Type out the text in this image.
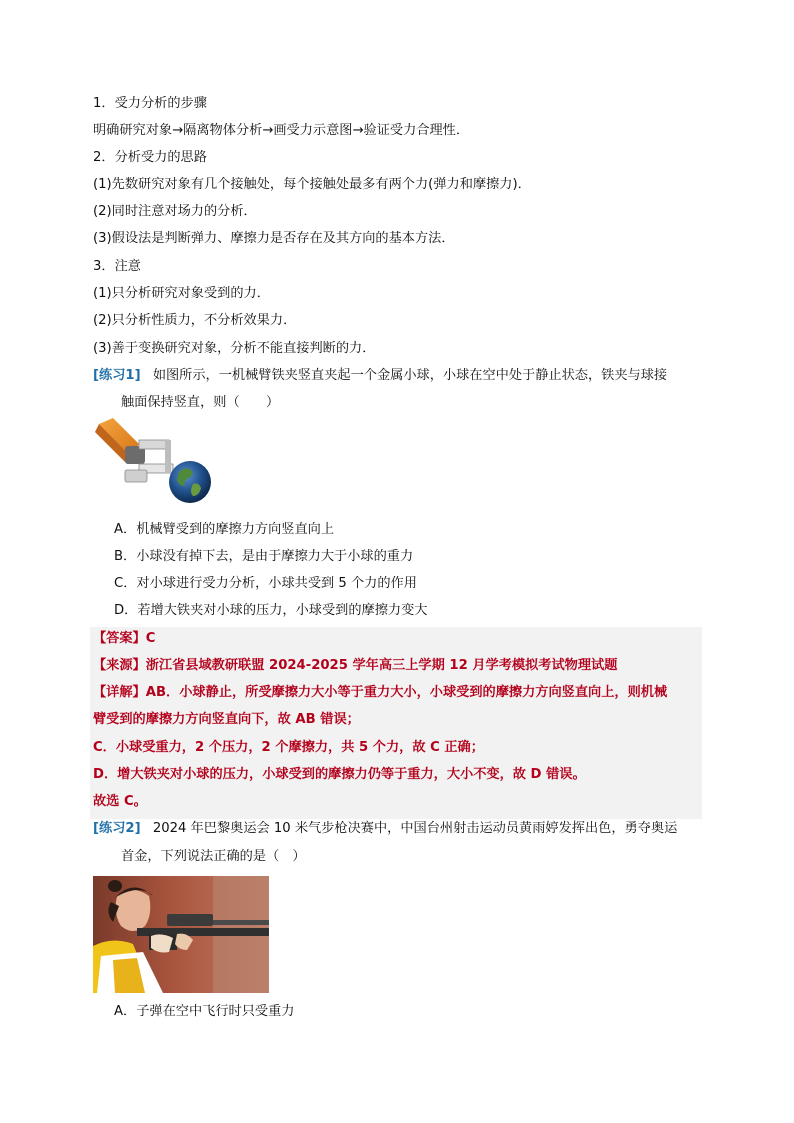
1．受力分析的步骤
明确研究对象→隔离物体分析→画受力示意图→验证受力合理性．
2．分析受力的思路
(1)先数研究对象有几个接触处，每个接触处最多有两个力(弹力和摩擦力)．
(2)同时注意对场力的分析．
(3)假设法是判断弹力、摩擦力是否存在及其方向的基本方法．
3．注意
(1)只分析研究对象受到的力．
(2)只分析性质力，不分析效果力．
(3)善于变换研究对象，分析不能直接判断的力．
[练习1] 如图所示，一机械臂铁夹竖直夹起一个金属小球，小球在空中处于静止状态，铁夹与球接
触面保持竖直，则（　　）
A．机械臂受到的摩擦力方向竖直向上
B．小球没有掉下去，是由于摩擦力大于小球的重力
C．对小球进行受力分析，小球共受到 5 个力的作用
D．若增大铁夹对小球的压力，小球受到的摩擦力变大
【答案】C
【来源】浙江省县域教研联盟 2024-2025 学年高三上学期 12 月学考模拟考试物理试题
【详解】AB．小球静止，所受摩擦力大小等于重力大小，小球受到的摩擦力方向竖直向上，则机械
臂受到的摩擦力方向竖直向下，故 AB 错误；
C．小球受重力，2 个压力，2 个摩擦力，共 5 个力，故 C 正确；
D．增大铁夹对小球的压力，小球受到的摩擦力仍等于重力，大小不变，故 D 错误。
故选 C。
[练习2] 2024 年巴黎奥运会 10 米气步枪决赛中，中国台州射击运动员黄雨婷发挥出色，勇夺奥运
首金，下列说法正确的是（　）
A．子弹在空中飞行时只受重力
